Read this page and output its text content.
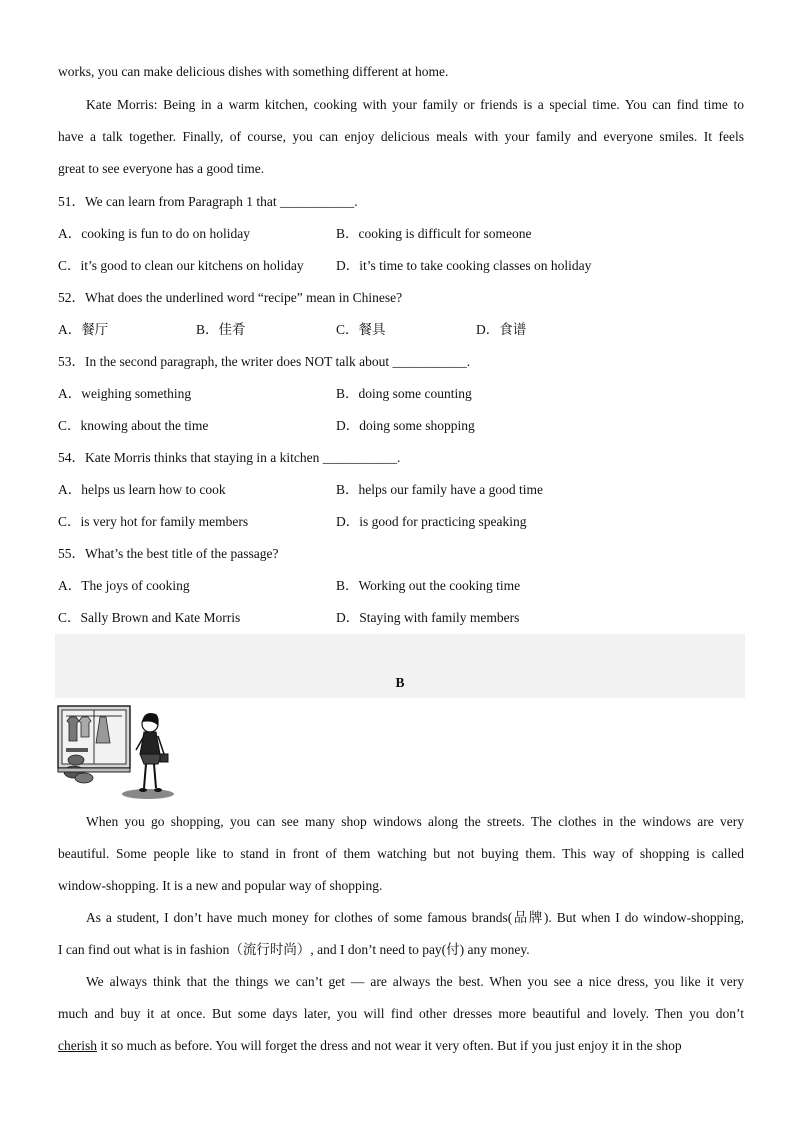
works, you can make delicious dishes with something different at home.
Kate Morris: Being in a warm kitchen, cooking with your family or friends is a special time. You can find time to
have a talk together. Finally, of course, you can enjoy delicious meals with your family and everyone smiles. It feels
great to see everyone has a good time.
51．We can learn from Paragraph 1 that ___________.
A．cooking is fun to do on holiday	B．cooking is difficult for someone
C．it’s good to clean our kitchens on holiday D．it’s time to take cooking classes on holiday
52．What does the underlined word “recipe” mean in Chinese?
A．餐厅	B．佳肴	C．餐具	D．食谱
53．In the second paragraph, the writer does NOT talk about ___________.
A．weighing something	B．doing some counting
C．knowing about the time	D．doing some shopping
54．Kate Morris thinks that staying in a kitchen ___________.
A．helps us learn how to cook	B．helps our family have a good time
C．is very hot for family members	D．is good for practicing speaking
55．What’s the best title of the passage?
A．The joys of cooking	B．Working out the cooking time
C．Sally Brown and Kate Morris	D．Staying with family members
B
When you go shopping, you can see many shop windows along the streets. The clothes in the windows are very
beautiful. Some people like to stand in front of them watching but not buying them. This way of shopping is called
window-shopping. It is a new and popular way of shopping.
As a student, I don’t have much money for clothes of some famous brands(品牌). But when I do window-shopping,
I can find out what is in fashion（流行时尚）, and I don’t need to pay(付) any money.
We always think that the things we can’t get — are always the best. When you see a nice dress, you like it very
much and buy it at once. But some days later, you will find other dresses more beautiful and lovely. Then you don’t
cherish it so much as before. You will forget the dress and not wear it very often. But if you just enjoy it in the shop
